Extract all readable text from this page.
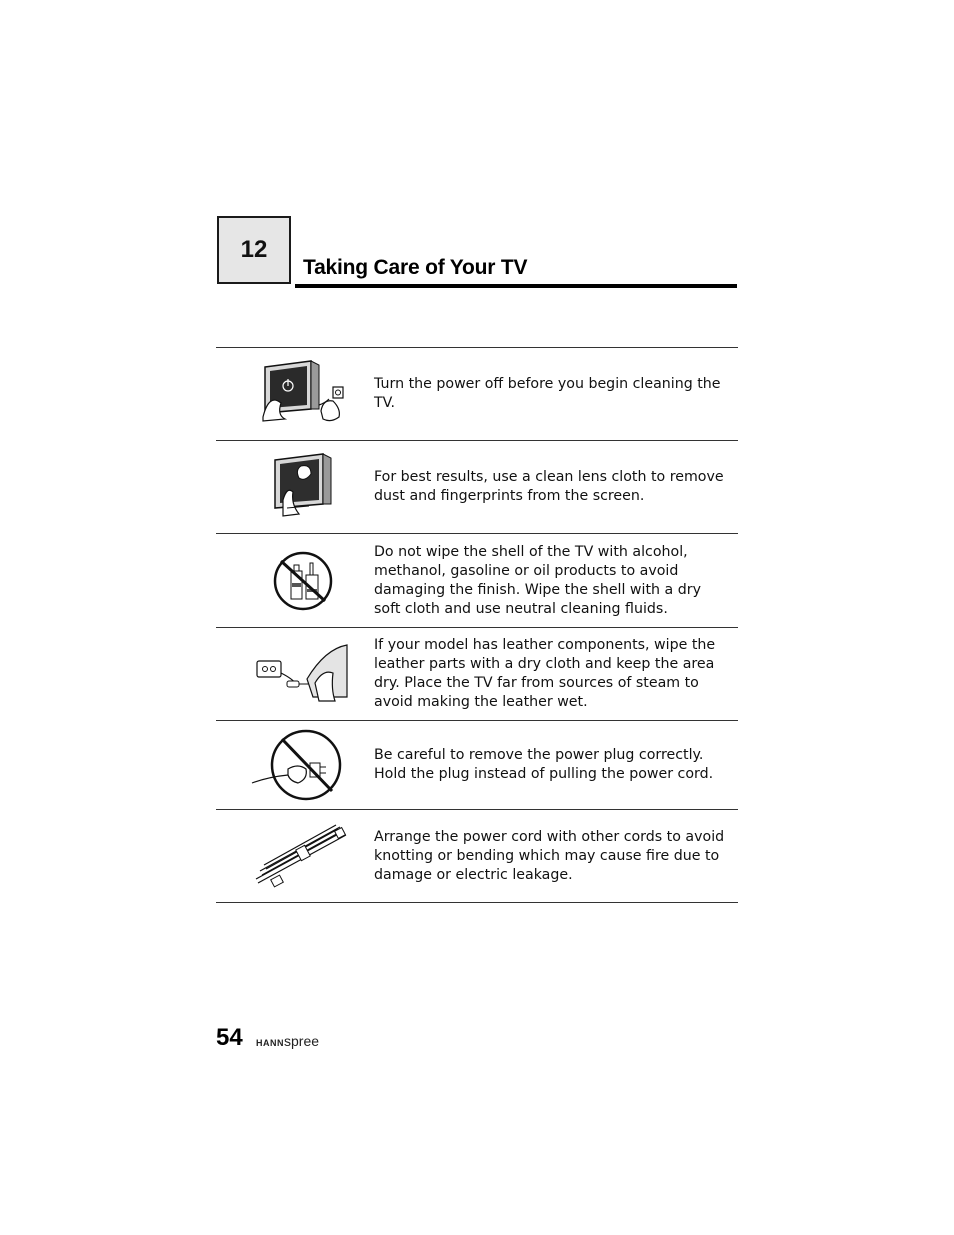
12
Taking Care of Your TV
Turn the power off before you begin cleaning the TV.
For best results, use a clean lens cloth to remove dust and fingerprints from the screen.
Do not wipe the shell of the TV with alcohol, methanol, gasoline or oil products to avoid damaging the finish. Wipe the shell with a dry soft cloth and use neutral cleaning fluids.
If your model has leather components, wipe the leather parts with a dry cloth and keep the area dry. Place the TV far from sources of steam to avoid making the leather wet.
Be careful to remove the power plug correctly. Hold the plug instead of pulling the power cord.
Arrange the power cord with other cords to avoid knotting or bending which may cause fire due to damage or electric leakage.
54 HANNspree
